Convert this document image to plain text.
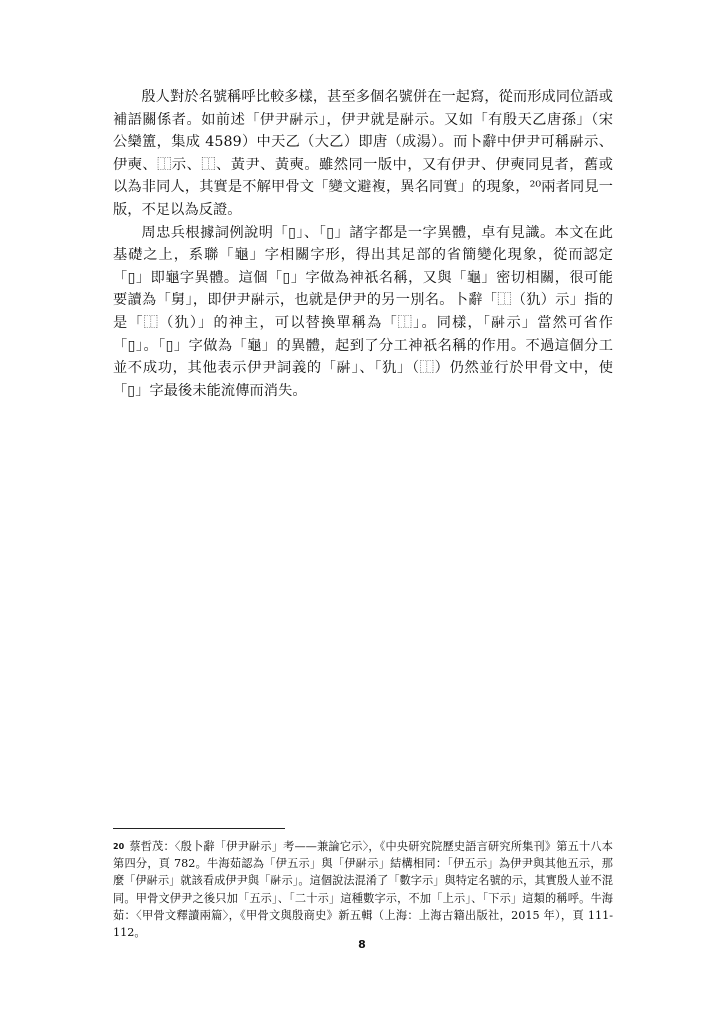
殷人對於名號稱呼比較多樣，甚至多個名號併在一起寫，從而形成同位語或補語關係者。如前述「伊尹𩰫示」，伊尹就是𩰫示。又如「有殷天乙唐孫」（宋公欒簠，集成 4589）中天乙（大乙）即唐（成湯）。而卜辭中伊尹可稱𩰫示、伊奭、⿰示、⿰、黃尹、黃奭。雖然同一版中，又有伊尹、伊奭同見者，舊或以為非同人，其實是不解甲骨文「變文避複，異名同實」的現象，²⁰兩者同見一版，不足以為反證。

周忠兵根據詞例說明「▯」、「▯」諸字都是一字異體，卓有見識。本文在此基礎之上，系聯「龜」字相關字形，得出其足部的省簡變化現象，從而認定「▯」即龜字異體。這個「▯」字做為神祇名稱，又與「龜」密切相關，很可能要讀為「舅」，即伊尹𩰫示，也就是伊尹的另一別名。卜辭「⿰（犰）示」指的是「⿰（犰）」的神主，可以替換單稱為「⿰」。同樣，「𩰫示」當然可省作「▯」。「▯」字做為「龜」的異體，起到了分工神祇名稱的作用。不過這個分工並不成功，其他表示伊尹詞義的「𩰫」、「犰」（⿰）仍然並行於甲骨文中，使「▯」字最後未能流傳而消失。

$^{20}$ 蔡哲茂：〈殷卜辭「伊尹𩰫示」考——兼論它示〉，《中央研究院歷史語言研究所集刊》第五十八本第四分，頁 782。牛海茹認為「伊五示」與「伊𩰫示」結構相同：「伊五示」為伊尹與其他五示，那麼「伊𩰫示」就該看成伊尹與「𩰫示」。這個說法混淆了「數字示」與特定名號的示，其實殷人並不混同。甲骨文伊尹之後只加「五示」、「二十示」這種數字示，不加「上示」、「下示」這類的稱呼。牛海茹：〈甲骨文釋讀兩篇〉，《甲骨文與殷商史》新五輯（上海：上海古籍出版社，2015 年），頁 111-112。
8
